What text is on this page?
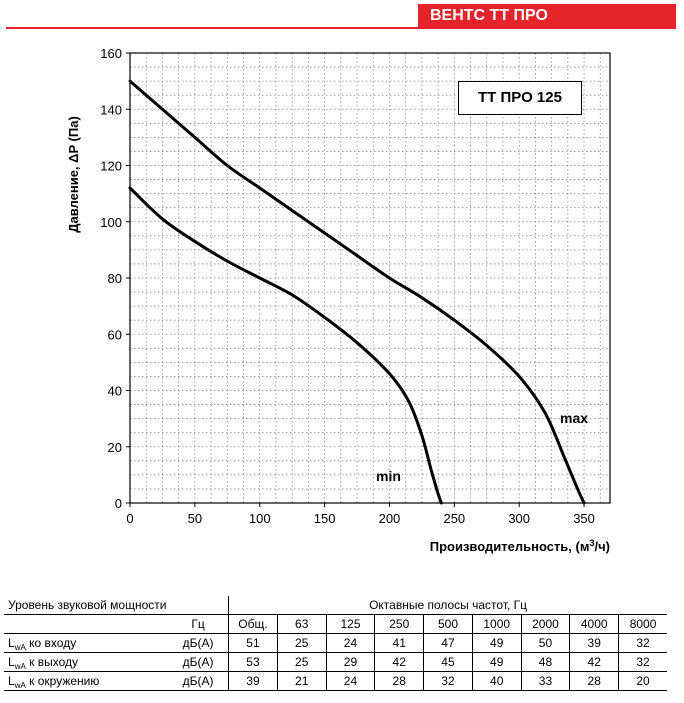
ВЕНТС ТТ ПРО
0	50	100	150	200	250	300	350
0
20
40
60
80
100
120
140
160
Давление, ΔP (Па)
Производительность, $(м^3/ч)$
max
min
ТТ ПРО 125
Уровень звуковой мощности		Октавные полосы частот, Гц								
	Гц	Общ.	63	125	250	500	1000	2000	4000	8000
$L_{wA}$ ко входу	дБ(А)	51	25	24	41	47	49	50	39	32
$L_{wA}$ к выходу	дБ(А)	53	25	29	42	45	49	48	42	32
$L_{wA}$ к окружению	дБ(А)	39	21	24	28	32	40	33	28	20
